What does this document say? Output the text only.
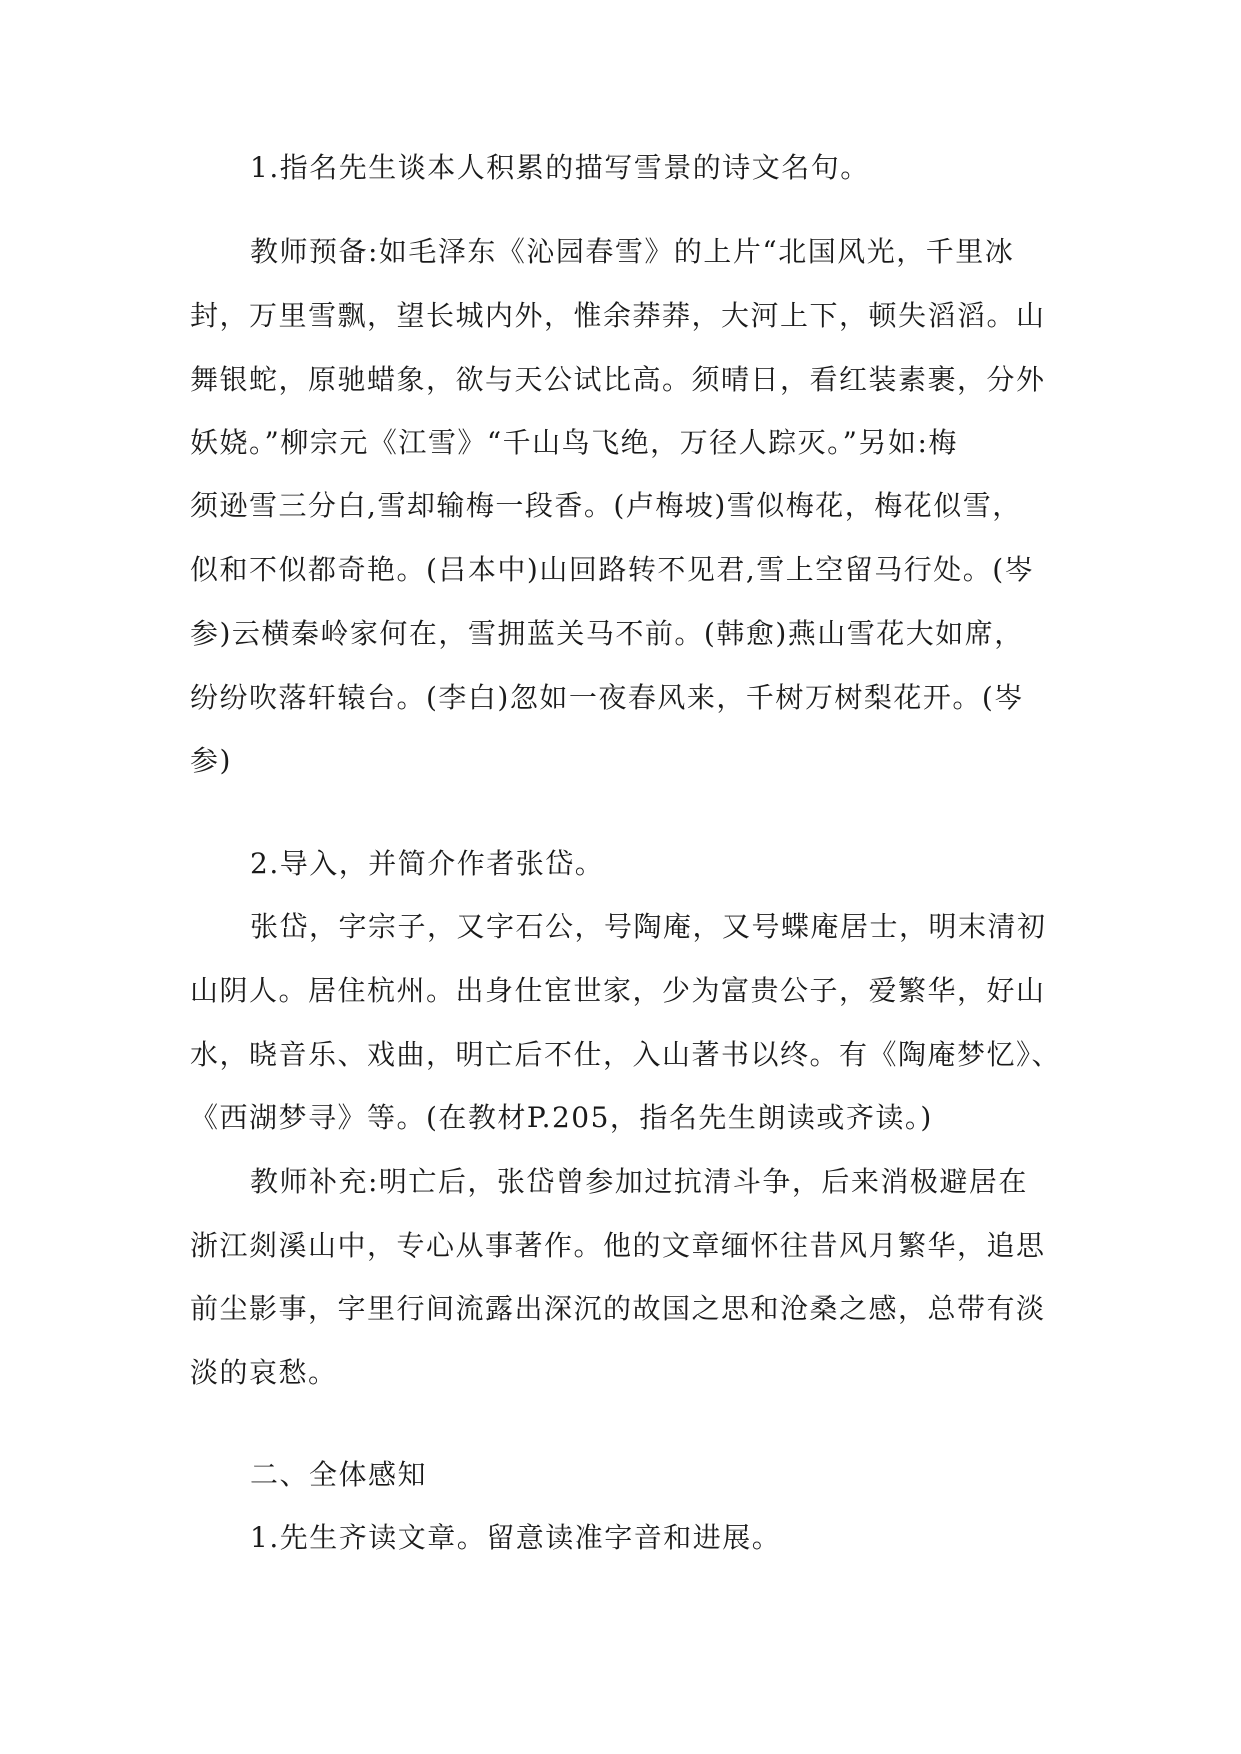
1.指名先生谈本人积累的描写雪景的诗文名句。
教师预备:如毛泽东《沁园春雪》的上片“北国风光，千里冰
封，万里雪飘，望长城内外，惟余莽莽，大河上下，顿失滔滔。山
舞银蛇，原驰蜡象，欲与天公试比高。须晴日，看红装素裹，分外
妖娆。”柳宗元《江雪》“千山鸟飞绝，万径人踪灭。”另如:梅
须逊雪三分白,雪却输梅一段香。(卢梅坡)雪似梅花，梅花似雪，
似和不似都奇艳。(吕本中)山回路转不见君,雪上空留马行处。(岑
参)云横秦岭家何在，雪拥蓝关马不前。(韩愈)燕山雪花大如席，
纷纷吹落轩辕台。(李白)忽如一夜春风来，千树万树梨花开。(岑
参)
2.导入，并简介作者张岱。
张岱，字宗子，又字石公，号陶庵，又号蝶庵居士，明末清初
山阴人。居住杭州。出身仕宦世家，少为富贵公子，爱繁华，好山
水，晓音乐、戏曲，明亡后不仕，入山著书以终。有《陶庵梦忆》、
《西湖梦寻》等。(在教材P.205，指名先生朗读或齐读。)
教师补充:明亡后，张岱曾参加过抗清斗争，后来消极避居在
浙江剡溪山中，专心从事著作。他的文章缅怀往昔风月繁华，追思
前尘影事，字里行间流露出深沉的故国之思和沧桑之感，总带有淡
淡的哀愁。
二、全体感知
1.先生齐读文章。留意读准字音和进展。
